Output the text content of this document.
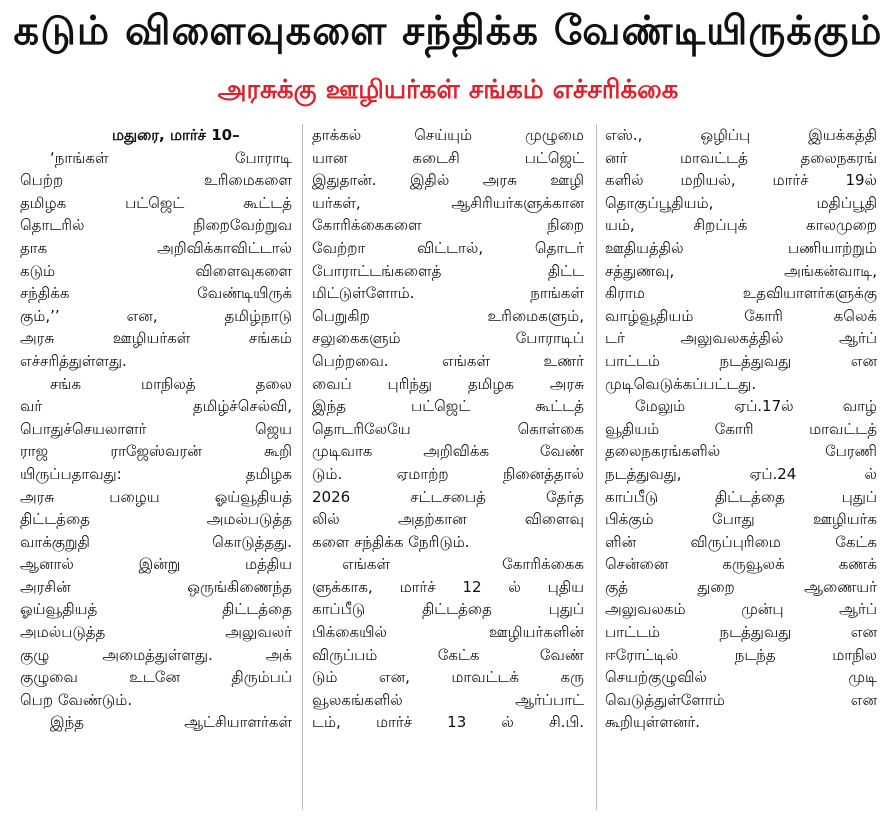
கடும் விளைவுகளை சந்திக்க வேண்டியிருக்கும்
அரசுக்கு ஊழியர்கள் சங்கம் எச்சரிக்கை
மதுரை, மார்ச் 10–
‘நாங்கள் போராடி
பெற்ற உரிமைகளை
தமிழக பட்ஜெட் கூட்டத்
தொடரில் நிறைவேற்றுவ
தாக அறிவிக்காவிட்டால்
கடும் விளைவுகளை
சந்திக்க வேண்டியிருக்
கும்,’’ என, தமிழ்நாடு
அரசு ஊழியர்கள் சங்கம்
எச்சரித்துள்ளது.
சங்க மாநிலத் தலை
வர் தமிழ்ச்செல்வி,
பொதுச்செயலாளர் ஜெய
ராஜ ராஜேஸ்வரன் கூறி
யிருப்பதாவது: தமிழக
அரசு பழைய ஓய்வூதியத்
திட்டத்தை அமல்படுத்த
வாக்குறுதி கொடுத்தது.
ஆனால் இன்று மத்திய
அரசின் ஒருங்கிணைந்த
ஓய்வூதியத் திட்டத்தை
அமல்படுத்த அலுவலர்
குழு அமைத்துள்ளது. அக்
குழுவை உடனே திரும்பப்
பெற வேண்டும்.
இந்த ஆட்சியாளர்கள்
தாக்கல் செய்யும் முழுமை
யான கடைசி பட்ஜெட்
இதுதான். இதில் அரசு ஊழி
யர்கள், ஆசிரியர்களுக்கான
கோரிக்கைகளை நிறை
வேற்றா விட்டால், தொடர்
போராட்டங்களைத் திட்ட
மிட்டுள்ளோம். நாங்கள்
பெறுகிற உரிமைகளும்,
சலுகைகளும் போராடிப்
பெற்றவை. எங்கள் உணர்
வைப் புரிந்து தமிழக அரசு
இந்த பட்ஜெட் கூட்டத்
தொடரிலேயே கொள்கை
முடிவாக அறிவிக்க வேண்
டும். ஏமாற்ற நினைத்தால்
2026 சட்டசபைத் தேர்த
லில் அதற்கான விளைவு
களை சந்திக்க நேரிடும்.
எங்கள் கோரிக்கைக
ளுக்காக, மார்ச் 12 ல் புதிய
காப்பீடு திட்டத்தை புதுப்
பிக்கையில் ஊழியர்களின்
விருப்பம் கேட்க வேண்
டும் என, மாவட்டக் கரு
வூலகங்களில் ஆர்ப்பாட்
டம், மார்ச் 13 ல் சி.பி.
எஸ்., ஒழிப்பு இயக்கத்தி
னர் மாவட்டத் தலைநகரங்
களில் மறியல், மார்ச் 19ல்
தொகுப்பூதியம், மதிப்பூதி
யம், சிறப்புக் காலமுறை
ஊதியத்தில் பணியாற்றும்
சத்துணவு, அங்கன்வாடி,
கிராம உதவியாளர்களுக்கு
வாழ்வூதியம் கோரி கலெக்
டர் அலுவலகத்தில் ஆர்ப்
பாட்டம் நடத்துவது என
முடிவெடுக்கப்பட்டது.
மேலும் ஏப்.17ல் வாழ்
வூதியம் கோரி மாவட்டத்
தலைநகரங்களில் பேரணி
நடத்துவது, ஏப்.24 ல்
காப்பீடு திட்டத்தை புதுப்
பிக்கும் போது ஊழியர்க
ளின் விருப்புரிமை கேட்க
சென்னை கருவூலக் கணக்
குத் துறை ஆணையர்
அலுவலகம் முன்பு ஆர்ப்
பாட்டம் நடத்துவது என
ஈரோட்டில் நடந்த மாநில
செயற்குழுவில் முடி
வெடுத்துள்ளோம் என
கூறியுள்ளனர்.
